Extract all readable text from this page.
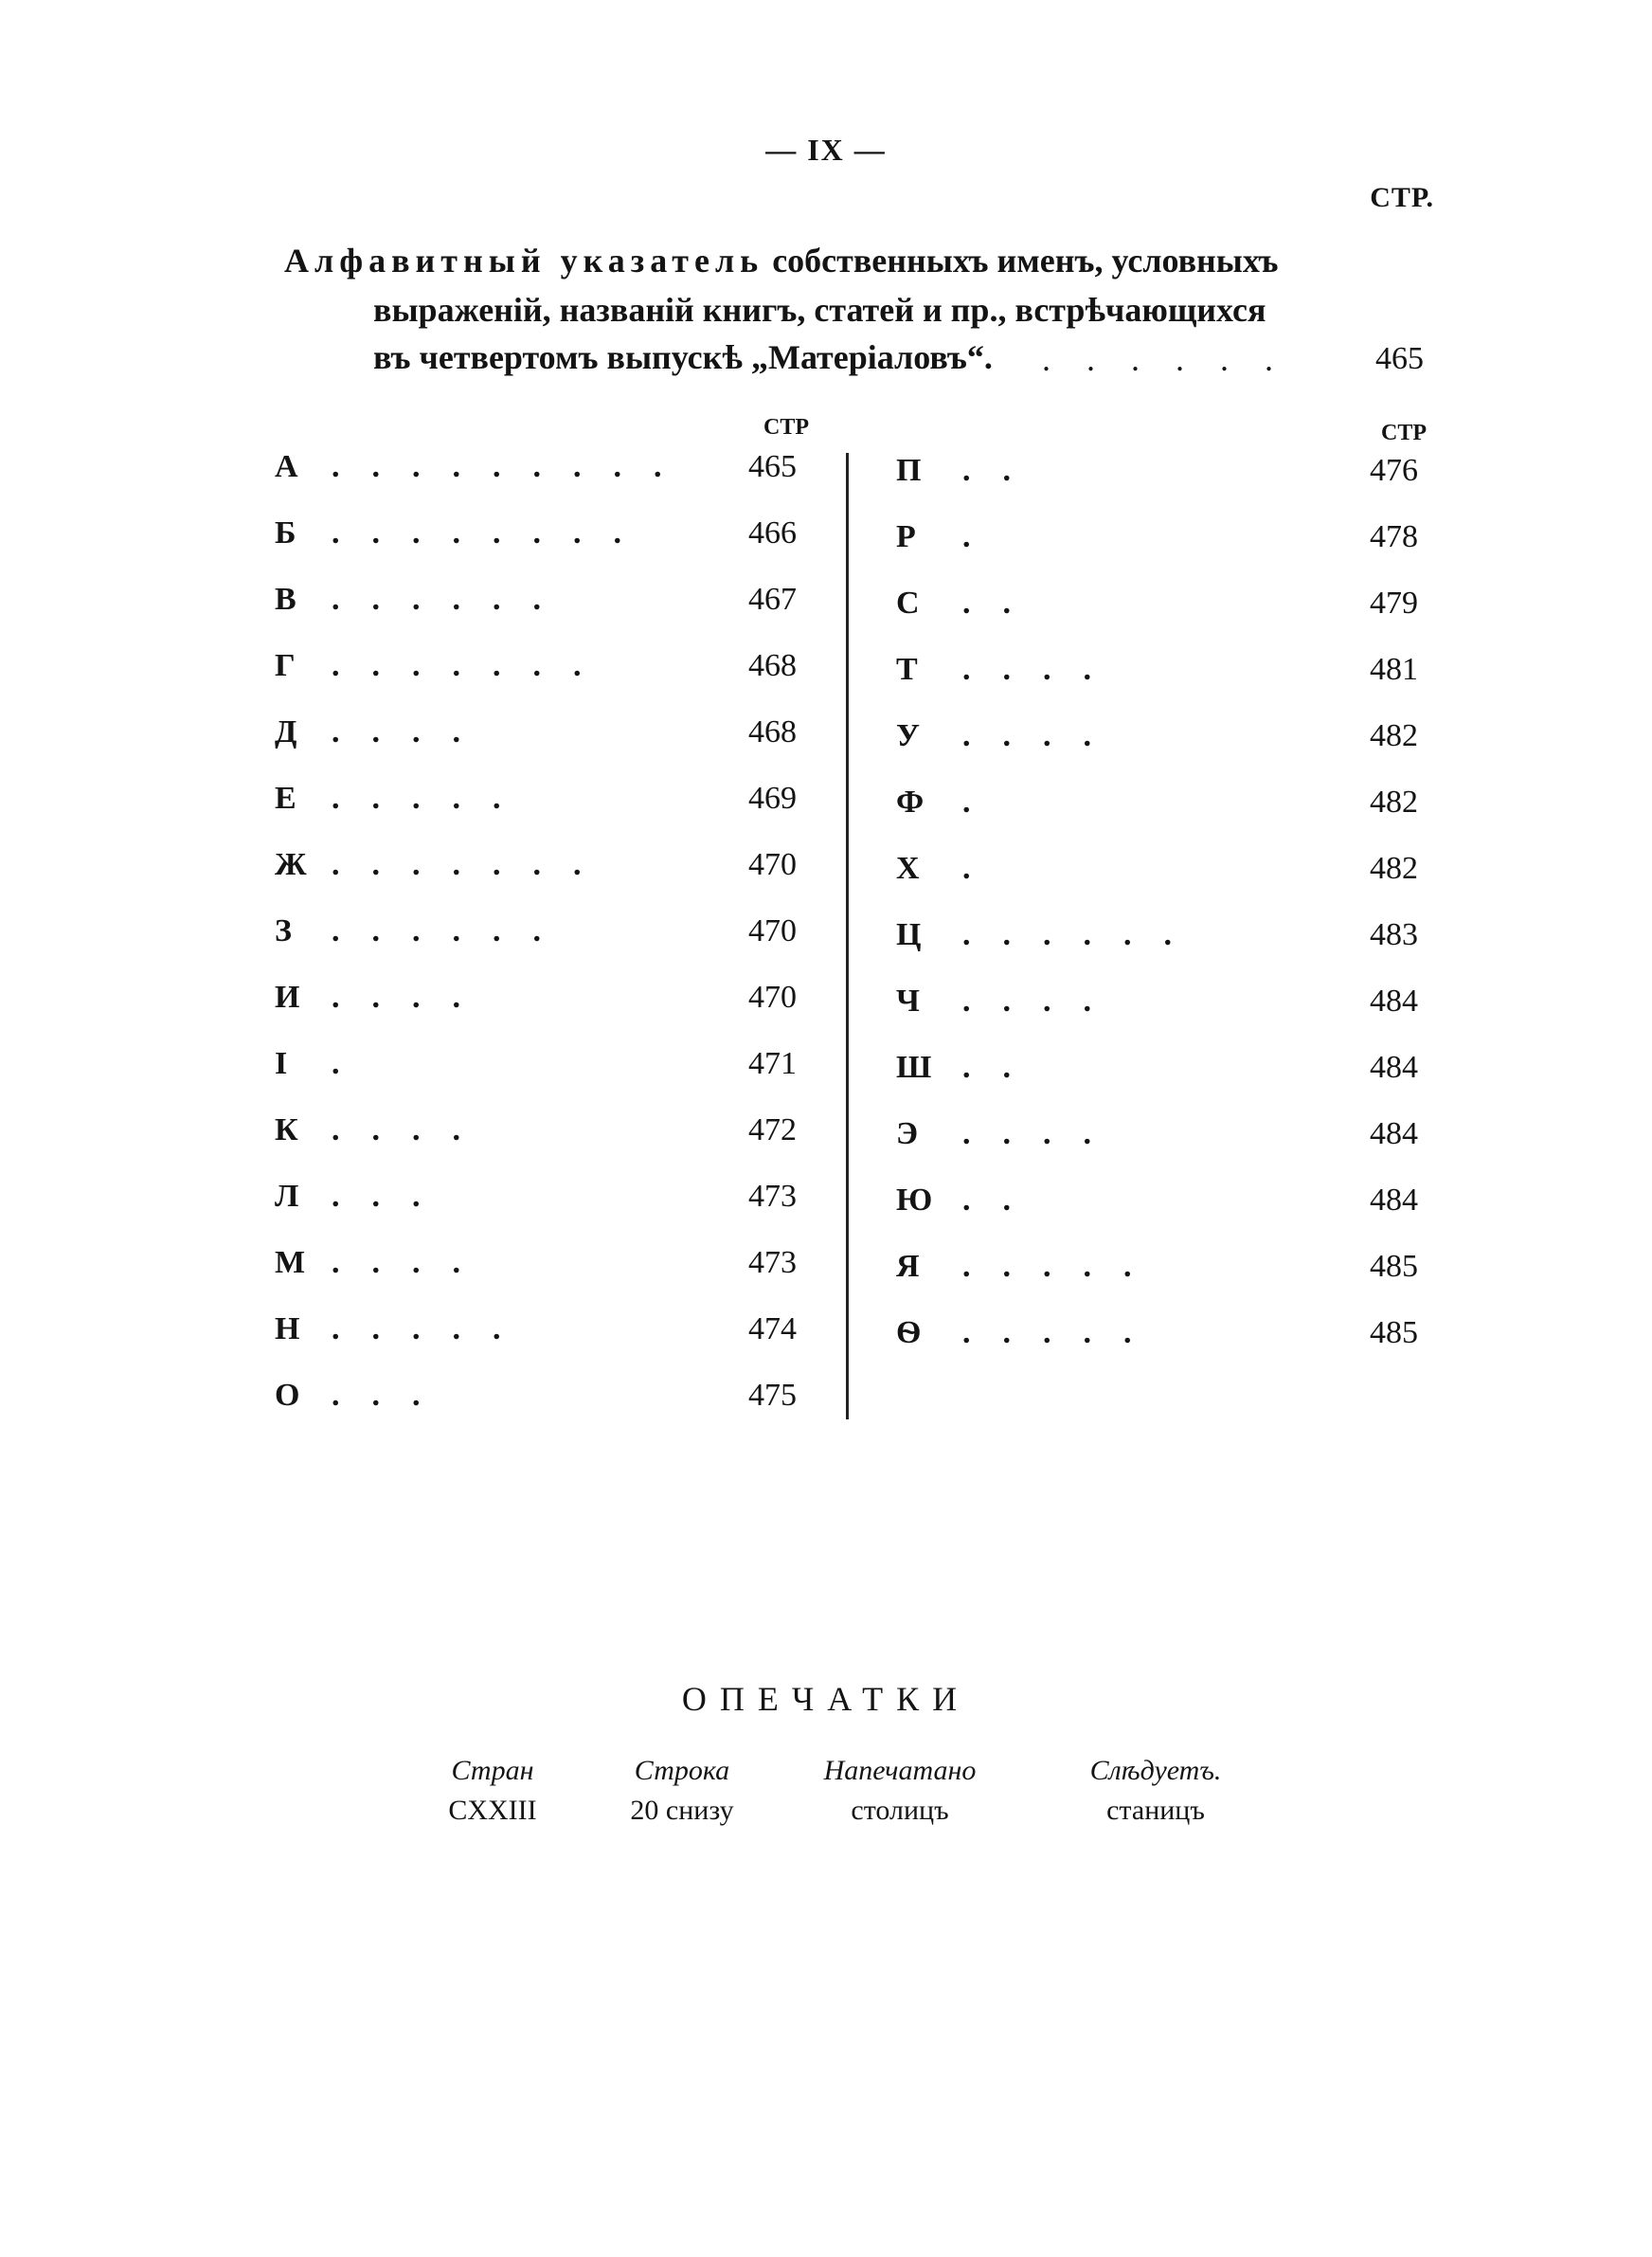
— IX —
СТР.
Алфавитный указатель собственныхъ именъ, условныхъ
выраженій, названій книгъ, статей и пр., встрѣчающихся
въ четвертомъ выпускѣ „Матеріаловъ“. ...... 465
СТР	СТР
А ......... 465
Б ........	466
В ......	467
Г .......	468
Д ....	468
Е .....	469
Ж .......	470
З ......	470
И ....	470
І .	471
К ....	472
Л ...	473
М ....	473
Н .....	474
О ...	475
П ..	476
Р .	478
С ..	479
Т ....	481
У ....	482
Ф .	482
Х .	482
Ц ......	483
Ч ....	484
Ш ..	484
Э ....	484
Ю ..	484
Я .....	485
Ѳ .....	485
ОПЕЧАТКИ
Стран	Строка	Напечатано	Слѣдуетъ.
CXXIII	20 снизу	столицъ	станицъ
